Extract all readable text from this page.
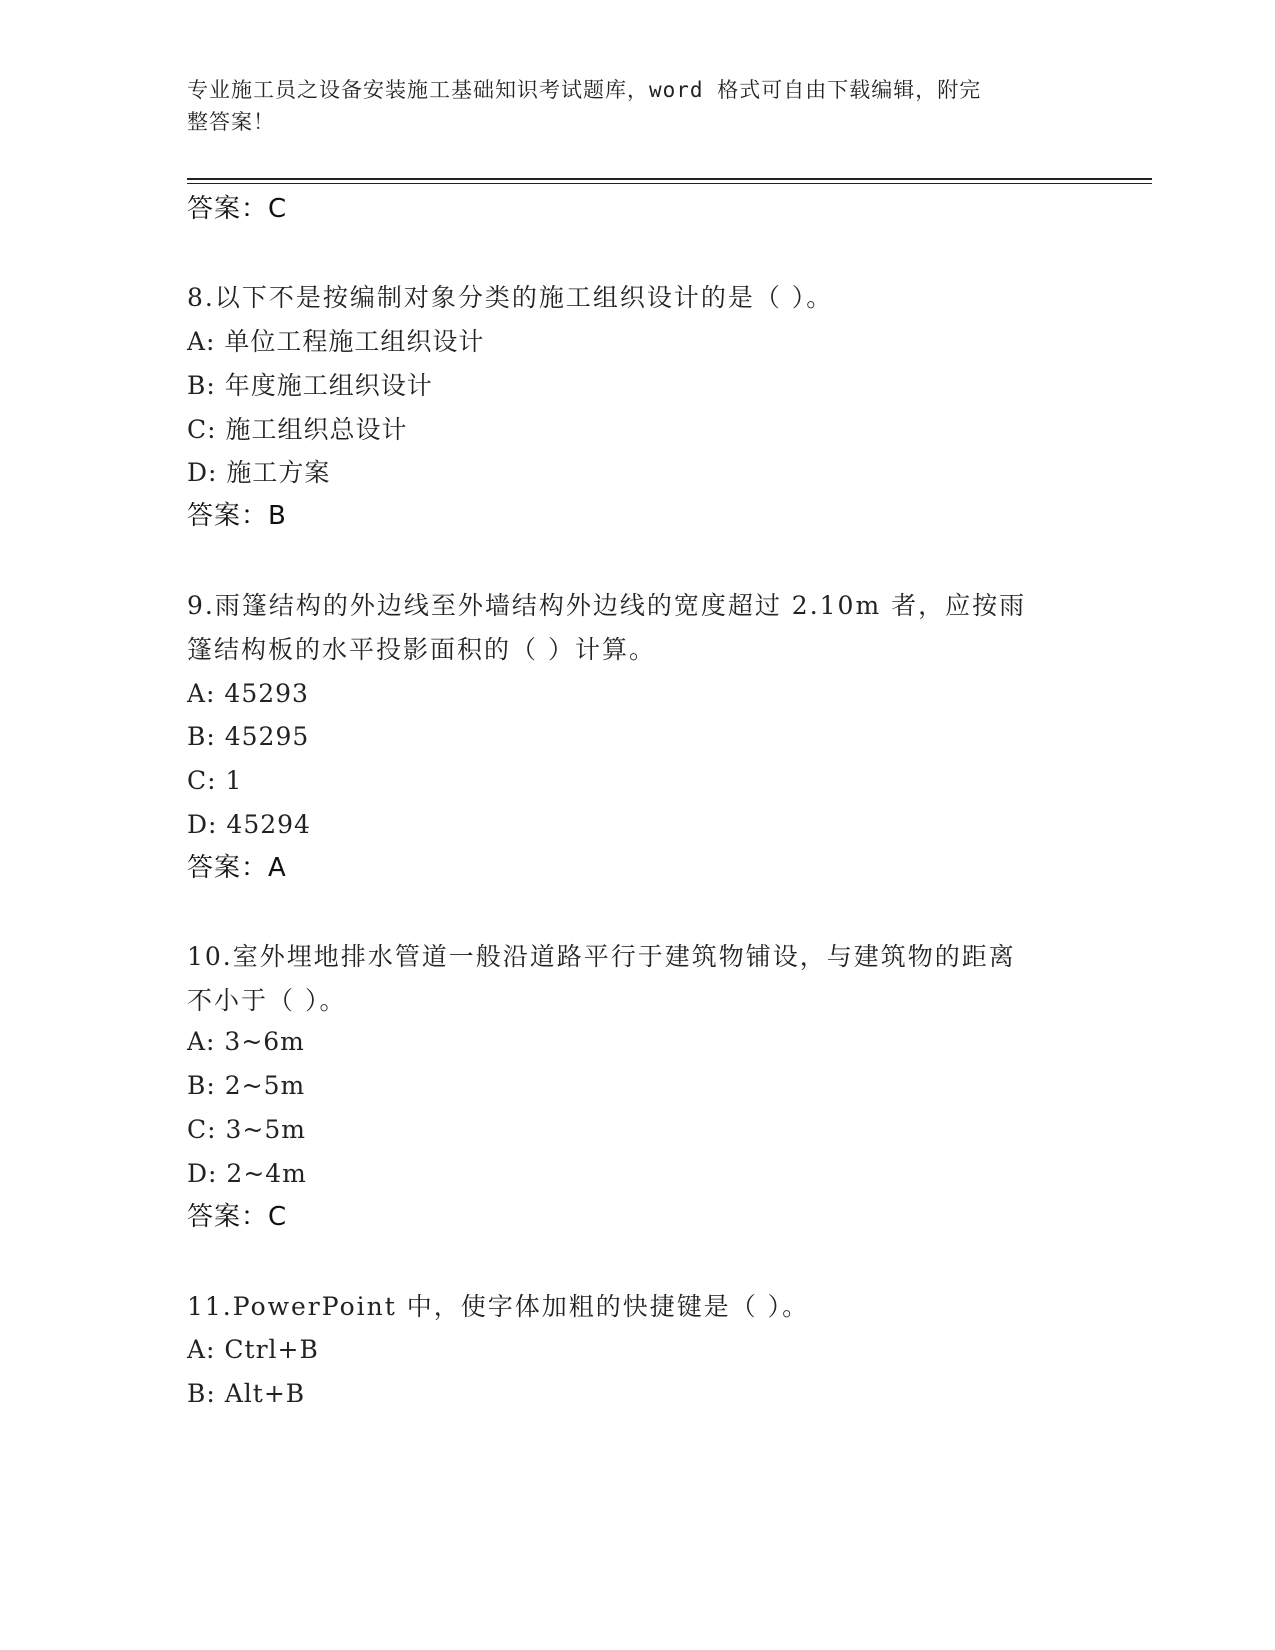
专业施工员之设备安装施工基础知识考试题库，word 格式可自由下载编辑，附完
整答案！
答案：C
8.以下不是按编制对象分类的施工组织设计的是（ ）。
A: 单位工程施工组织设计
B: 年度施工组织设计
C: 施工组织总设计
D: 施工方案
答案：B
9.雨篷结构的外边线至外墙结构外边线的宽度超过 2.10m 者，应按雨
篷结构板的水平投影面积的（ ）计算。
A: 45293
B: 45295
C: 1
D: 45294
答案：A
10.室外埋地排水管道一般沿道路平行于建筑物铺设，与建筑物的距离
不小于（ ）。
A: 3~6m
B: 2~5m
C: 3~5m
D: 2~4m
答案：C
11.PowerPoint 中，使字体加粗的快捷键是（ ）。
A: Ctrl+B
B: Alt+B
